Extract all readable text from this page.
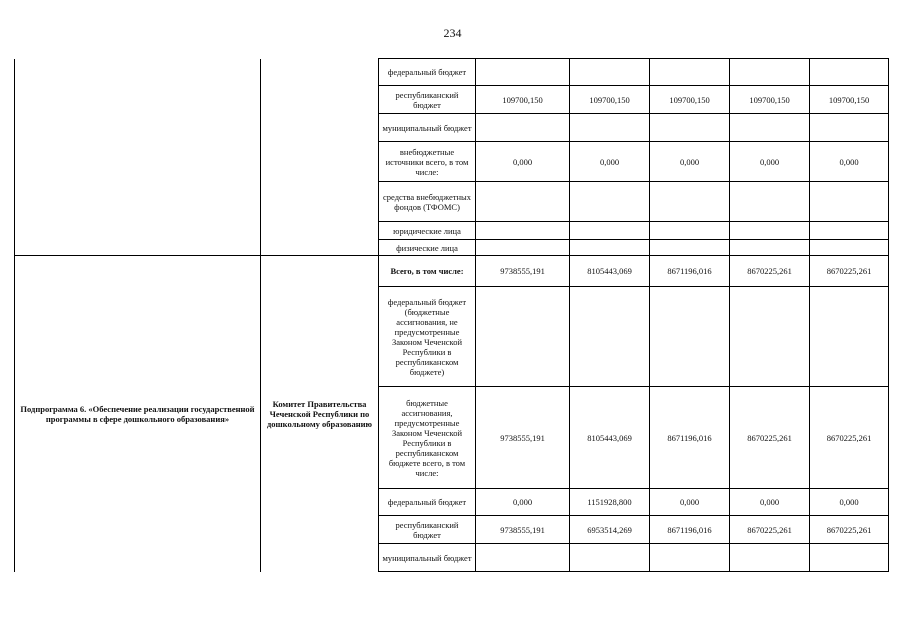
234
		федеральный бюджет					
		республиканский бюджет	109700,150	109700,150	109700,150	109700,150	109700,150
		муниципальный бюджет					
		внебюджетные источники всего, в том числе:	0,000	0,000	0,000	0,000	0,000
		средства внебюджетных фондов (ТФОМС)					
		юридические лица					
		физические лица					
Подпрограмма 6. «Обеспечение реализации государственной программы в сфере дошкольного образования»	Комитет Правительства Чеченской Республики по дошкольному образованию	Всего, в том числе:	9738555,191	8105443,069	8671196,016	8670225,261	8670225,261
		федеральный бюджет (бюджетные ассигнования, не предусмотренные Законом Чеченской Республики в республиканском бюджете)					
		бюджетные ассигнования, предусмотренные Законом Чеченской Республики в республиканском бюджете всего, в том числе:	9738555,191	8105443,069	8671196,016	8670225,261	8670225,261
		федеральный бюджет	0,000	1151928,800	0,000	0,000	0,000
		республиканский бюджет	9738555,191	6953514,269	8671196,016	8670225,261	8670225,261
		муниципальный бюджет					
